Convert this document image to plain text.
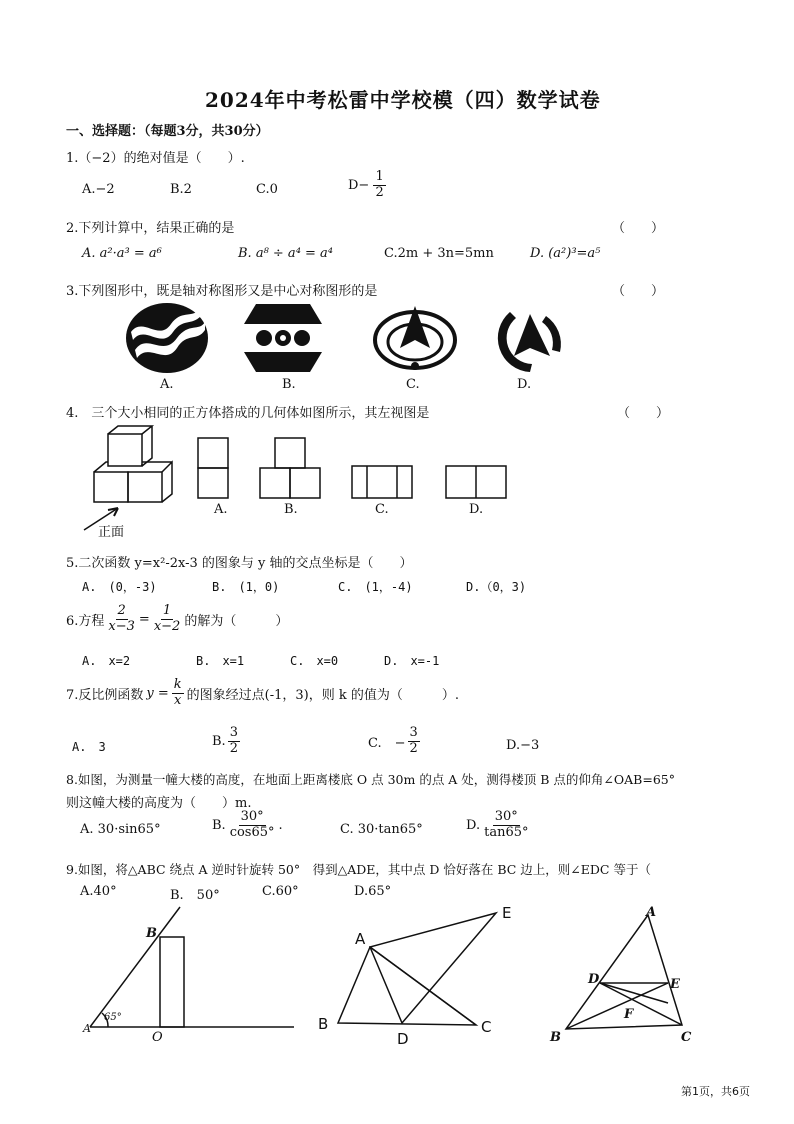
2024年中考松雷中学校模（四）数学试卷
一、选择题：（每题3分，共30分）
1.（−2）的绝对值是（　　）.
A.−2	B.2	C.0	$D- \frac{1}{2}$
2.下列计算中，结果正确的是	（　　）
A. a²·a³ = a⁶	B. a⁸ ÷ a⁴ = a⁴	C.2m + 3n=5mn	D. (a²)³=a⁵
3.下列图形中，既是轴对称图形又是中心对称图形的是	（　　）
A.	B.	C.	D.
4.　三个大小相同的正方体搭成的几何体如图所示，其左视图是	（　　）
正面
A.	B.	C.	D.
5.二次函数 y=x²-2x-3 的图象与 y 轴的交点坐标是（　　）
A.　(0，-3)	B.　(1，0)	C.　(1，-4)	D.（0，3)
6.方程 $\frac{2}{x-3} = \frac{1}{x-2}$ 的解为（　　　）
A.　x=2	B.　x=1	C.　x=0	D.　x=-1
7.反比例函数 $y = \frac{k}{x}$ 的图象经过点(-1，3)，则 k 的值为（　　　）.
A.　3	B. $\frac{3}{2}$	C.　− $\frac{3}{2}$	D.−3
8.如图，为测量一幢大楼的高度，在地面上距离楼底 O 点 30m 的点 A 处，测得楼顶 B 点的仰角∠OAB=65°
则这幢大楼的高度为（　　）m.
A. 30·sin65°	B. $\frac{30^\circ}{\cos 65^\circ}$ .	C. 30·tan65°	D. $\frac{30^\circ}{\tan 65^\circ}$
9.如图，将△ABC 绕点 A 逆时针旋转 50°　得到△ADE，其中点 D 恰好落在 BC 边上，则∠EDC 等于（
A.40°	B.　50°	C.60°	D.65°
B
A
O
65°
A
B	C
D
E	A
B	C
D	E
F
第1页，共6页
